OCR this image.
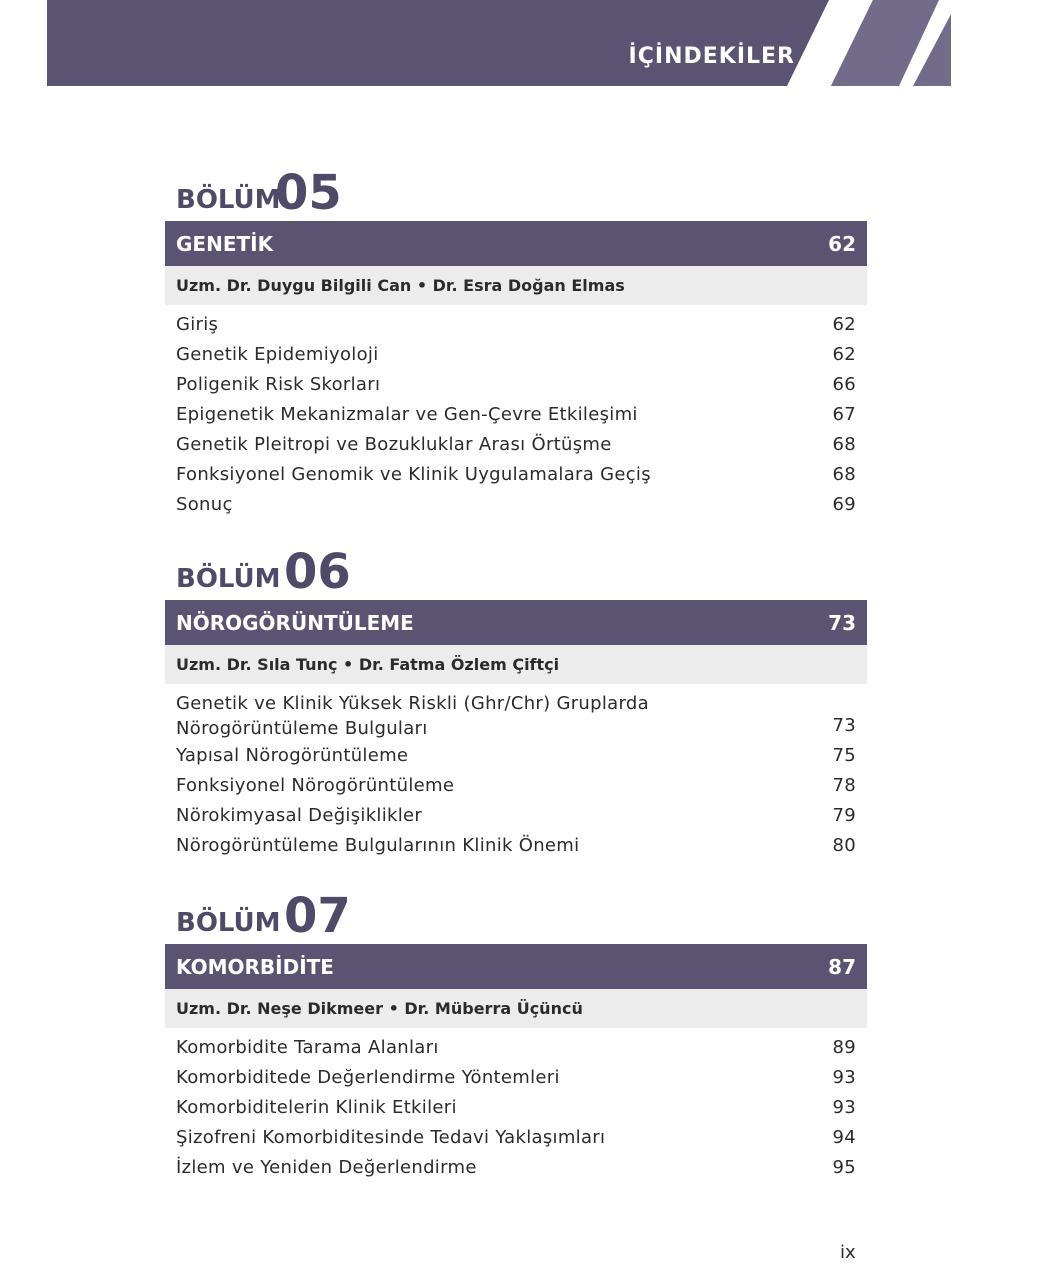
İÇİNDEKİLER
BÖLÜM
05
GENETİK	62
Uzm. Dr. Duygu Bilgili Can • Dr. Esra Doğan Elmas
Giriş	62
Genetik Epidemiyoloji	62
Poligenik Risk Skorları	66
Epigenetik Mekanizmalar ve Gen-Çevre Etkileşimi	67
Genetik Pleitropi ve Bozukluklar Arası Örtüşme	68
Fonksiyonel Genomik ve Klinik Uygulamalara Geçiş	68
Sonuç	69
BÖLÜM 06
NÖROGÖRÜNTÜLEME	73
Uzm. Dr. Sıla Tunç • Dr. Fatma Özlem Çiftçi
Genetik ve Klinik Yüksek Riskli (Ghr/Chr) Gruplarda
Nörogörüntüleme Bulguları	73
Yapısal Nörogörüntüleme	75
Fonksiyonel Nörogörüntüleme	78
Nörokimyasal Değişiklikler	79
Nörogörüntüleme Bulgularının Klinik Önemi	80
BÖLÜM 07
KOMORBİDİTE	87
Uzm. Dr. Neşe Dikmeer • Dr. Müberra Üçüncü
Komorbidite Tarama Alanları	89
Komorbiditede Değerlendirme Yöntemleri	93
Komorbiditelerin Klinik Etkileri	93
Şizofreni Komorbiditesinde Tedavi Yaklaşımları	94
İzlem ve Yeniden Değerlendirme	95
ix
